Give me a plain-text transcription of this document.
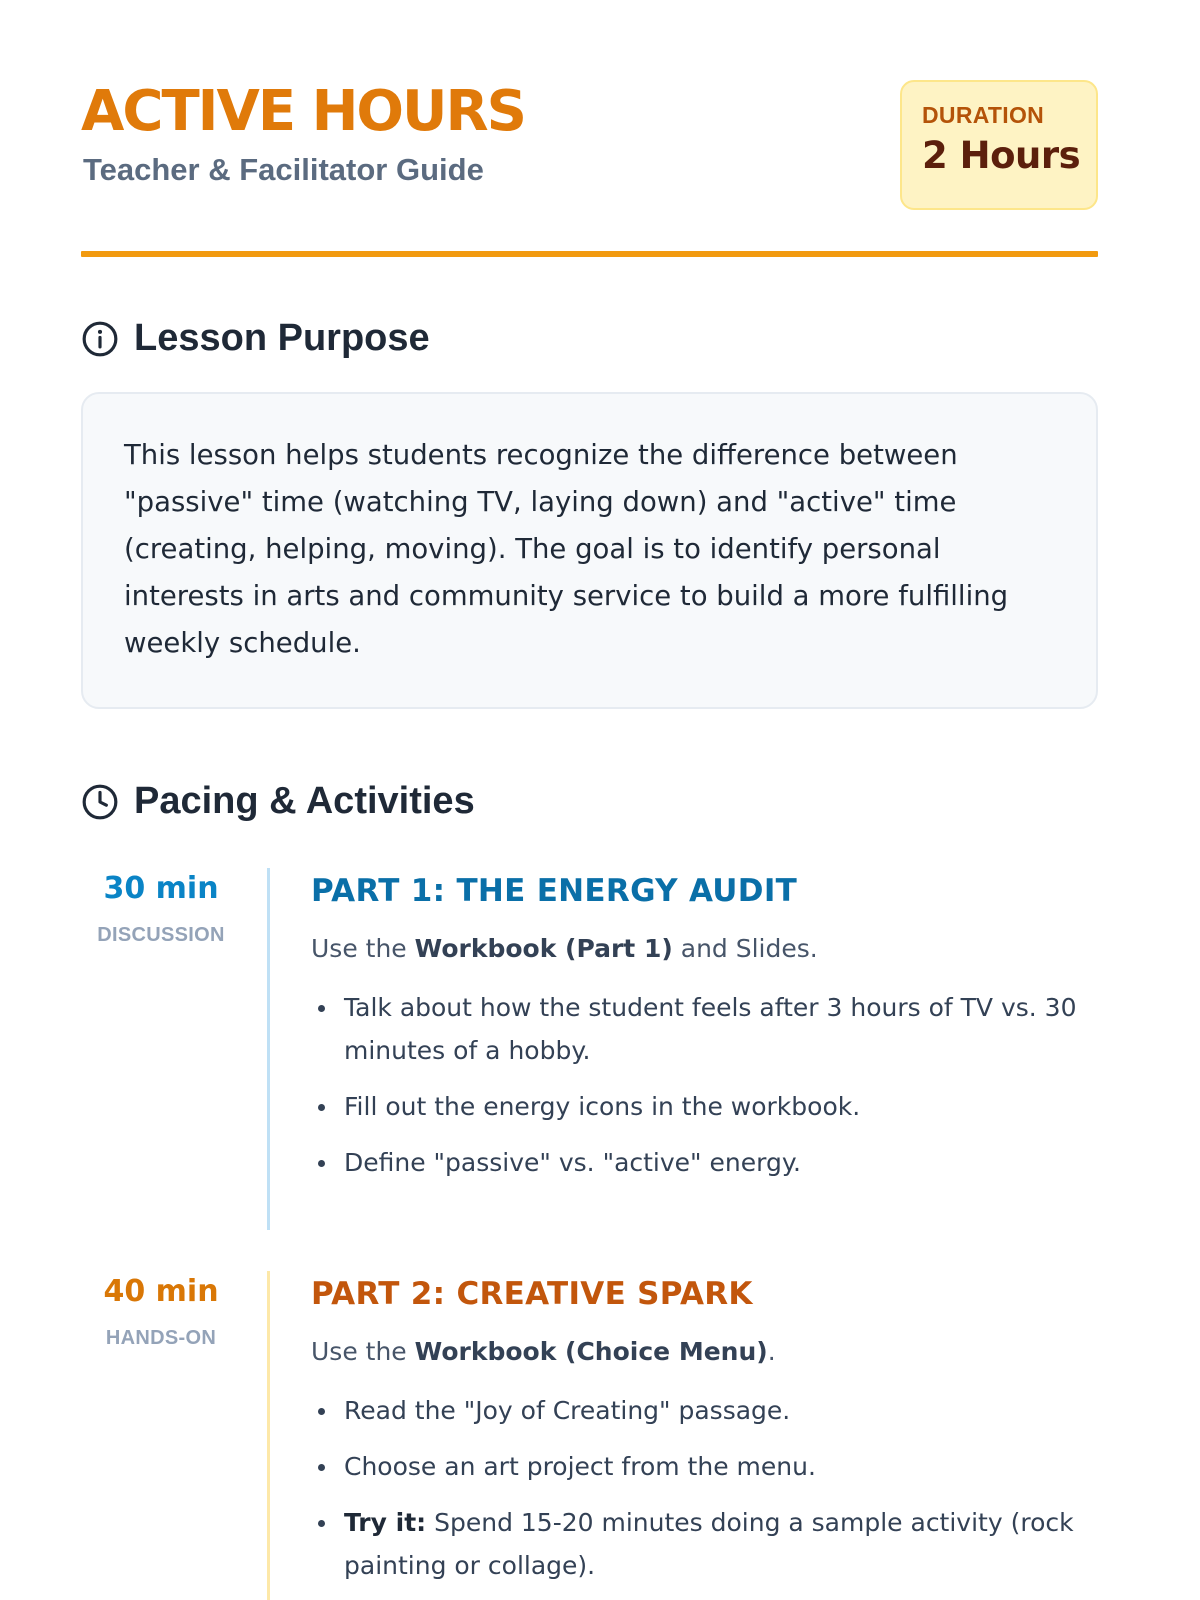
ACTIVE HOURS
Teacher & Facilitator Guide
DURATION
2 Hours
Lesson Purpose

This lesson helps students recognize the difference between "passive" time (watching TV, laying down) and "active" time (creating, helping, moving). The goal is to identify personal interests in arts and community service to build a more fulfilling weekly schedule.

Pacing & Activities
30 min
DISCUSSION
PART 1: THE ENERGY AUDIT
Use the Workbook (Part 1) and Slides.
Talk about how the student feels after 3 hours of TV vs. 30 minutes of a hobby.
Fill out the energy icons in the workbook.
Define "passive" vs. "active" energy.
40 min
HANDS-ON
PART 2: CREATIVE SPARK
Use the Workbook (Choice Menu).
Read the "Joy of Creating" passage.
Choose an art project from the menu.
Try it: Spend 15-20 minutes doing a sample activity (rock painting or collage).
